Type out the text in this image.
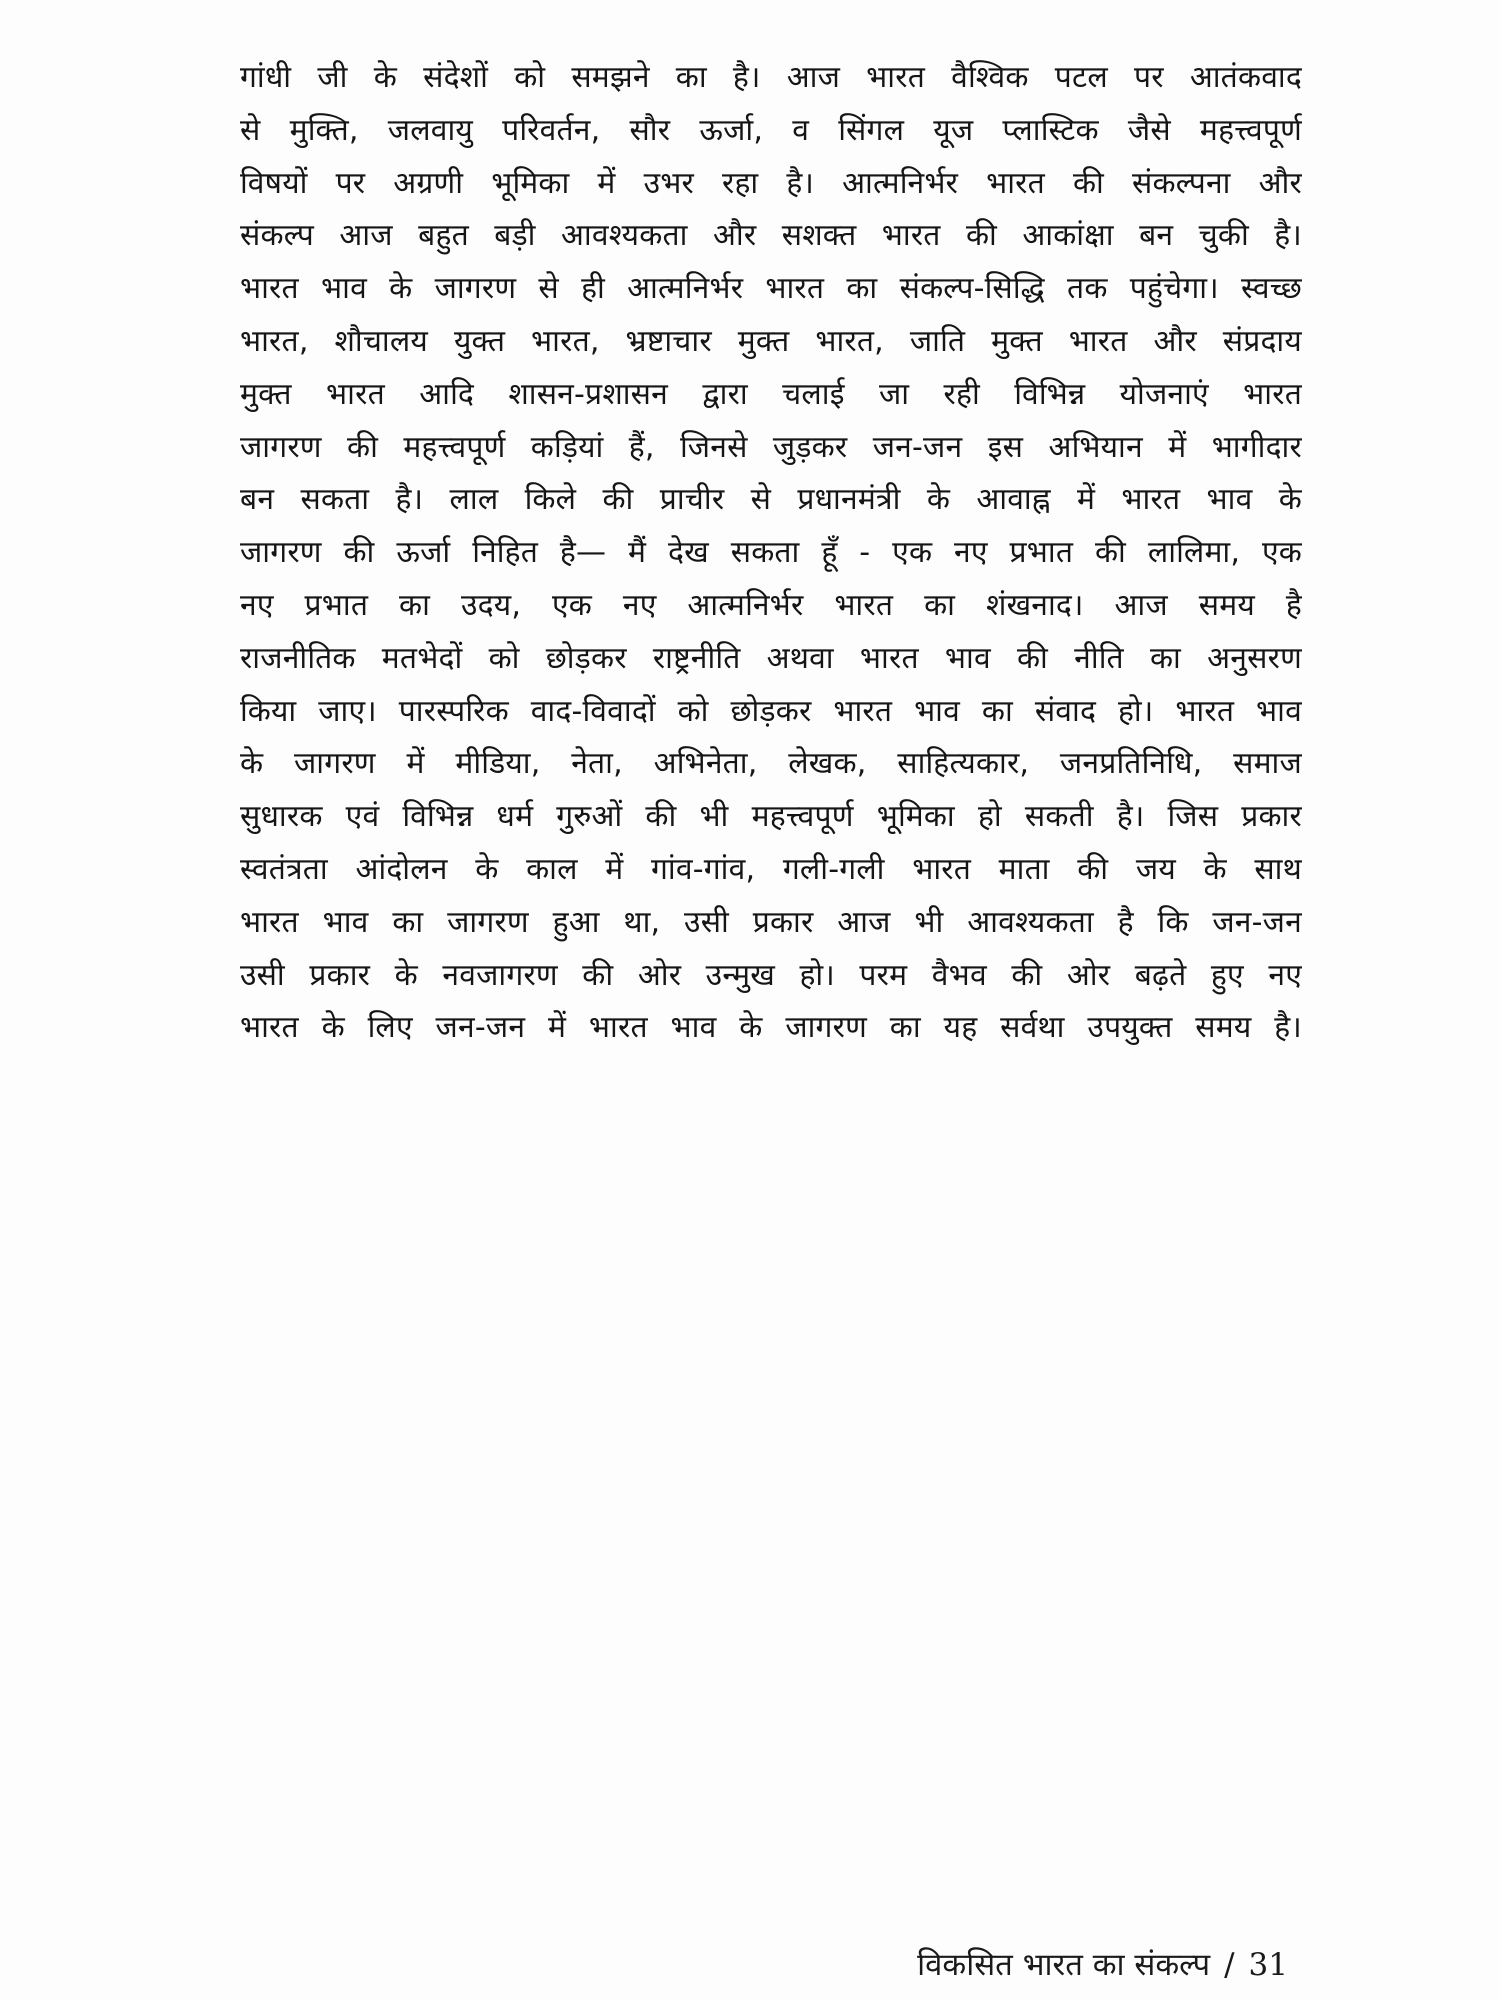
गांधी जी के संदेशों को समझने का है। आज भारत वैश्विक पटल पर आतंकवाद
से मुक्ति, जलवायु परिवर्तन, सौर ऊर्जा, व सिंगल यूज प्लास्टिक जैसे महत्त्वपूर्ण
विषयों पर अग्रणी भूमिका में उभर रहा है। आत्मनिर्भर भारत की संकल्पना और
संकल्प आज बहुत बड़ी आवश्यकता और सशक्त भारत की आकांक्षा बन चुकी है।
भारत भाव के जागरण से ही आत्मनिर्भर भारत का संकल्प-सिद्धि तक पहुंचेगा। स्वच्छ
भारत, शौचालय युक्त भारत, भ्रष्टाचार मुक्त भारत, जाति मुक्त भारत और संप्रदाय
मुक्त भारत आदि शासन-प्रशासन द्वारा चलाई जा रही विभिन्न योजनाएं भारत
जागरण की महत्त्वपूर्ण कड़ियां हैं, जिनसे जुड़कर जन-जन इस अभियान में भागीदार
बन सकता है। लाल किले की प्राचीर से प्रधानमंत्री के आवाह्न में भारत भाव के
जागरण की ऊर्जा निहित है— मैं देख सकता हूँ - एक नए प्रभात की लालिमा, एक
नए प्रभात का उदय, एक नए आत्मनिर्भर भारत का शंखनाद। आज समय है
राजनीतिक मतभेदों को छोड़कर राष्ट्रनीति अथवा भारत भाव की नीति का अनुसरण
किया जाए। पारस्परिक वाद-विवादों को छोड़कर भारत भाव का संवाद हो। भारत भाव
के जागरण में मीडिया, नेता, अभिनेता, लेखक, साहित्यकार, जनप्रतिनिधि, समाज
सुधारक एवं विभिन्न धर्म गुरुओं की भी महत्त्वपूर्ण भूमिका हो सकती है। जिस प्रकार
स्वतंत्रता आंदोलन के काल में गांव-गांव, गली-गली भारत माता की जय के साथ
भारत भाव का जागरण हुआ था, उसी प्रकार आज भी आवश्यकता है कि जन-जन
उसी प्रकार के नवजागरण की ओर उन्मुख हो। परम वैभव की ओर बढ़ते हुए नए
भारत के लिए जन-जन में भारत भाव के जागरण का यह सर्वथा उपयुक्त समय है।
विकसित भारत का संकल्प / 31
